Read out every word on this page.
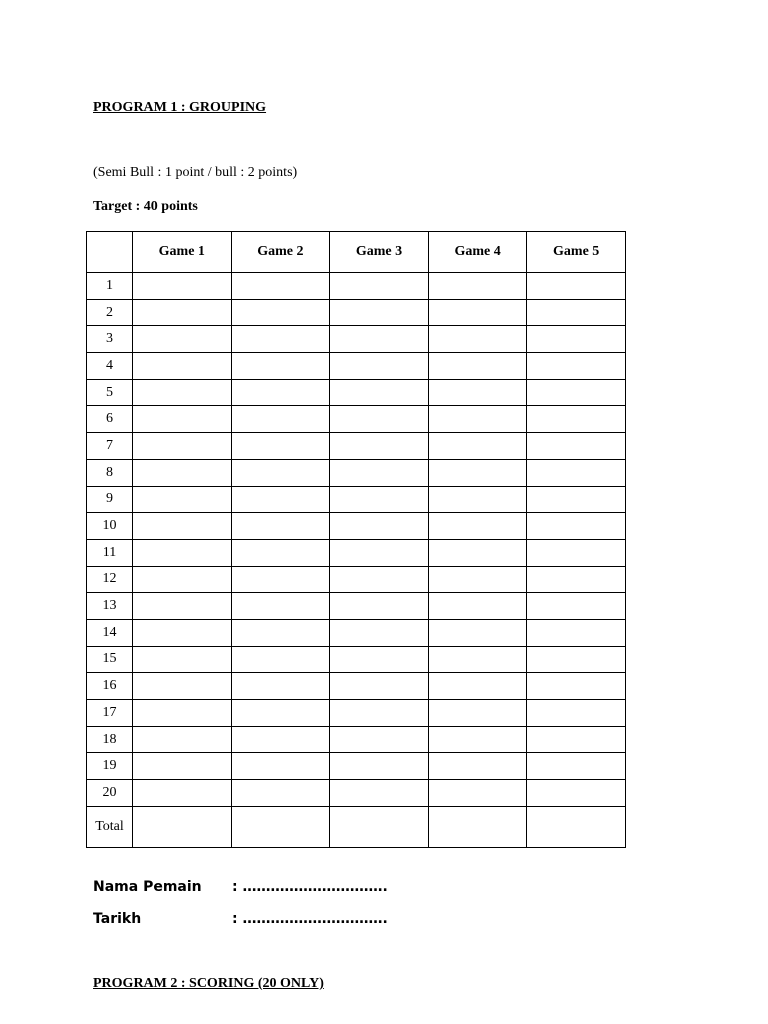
PROGRAM 1 : GROUPING
(Semi Bull : 1 point / bull : 2 points)
Target : 40 points
	Game 1	Game 2	Game 3	Game 4	Game 5
1					
2					
3					
4					
5					
6					
7					
8					
9					
10					
11					
12					
13					
14					
15					
16					
17					
18					
19					
20					
Total					
Nama Pemain : ………………………….
Tarikh	: ………………………….
PROGRAM 2 : SCORING (20 ONLY)
